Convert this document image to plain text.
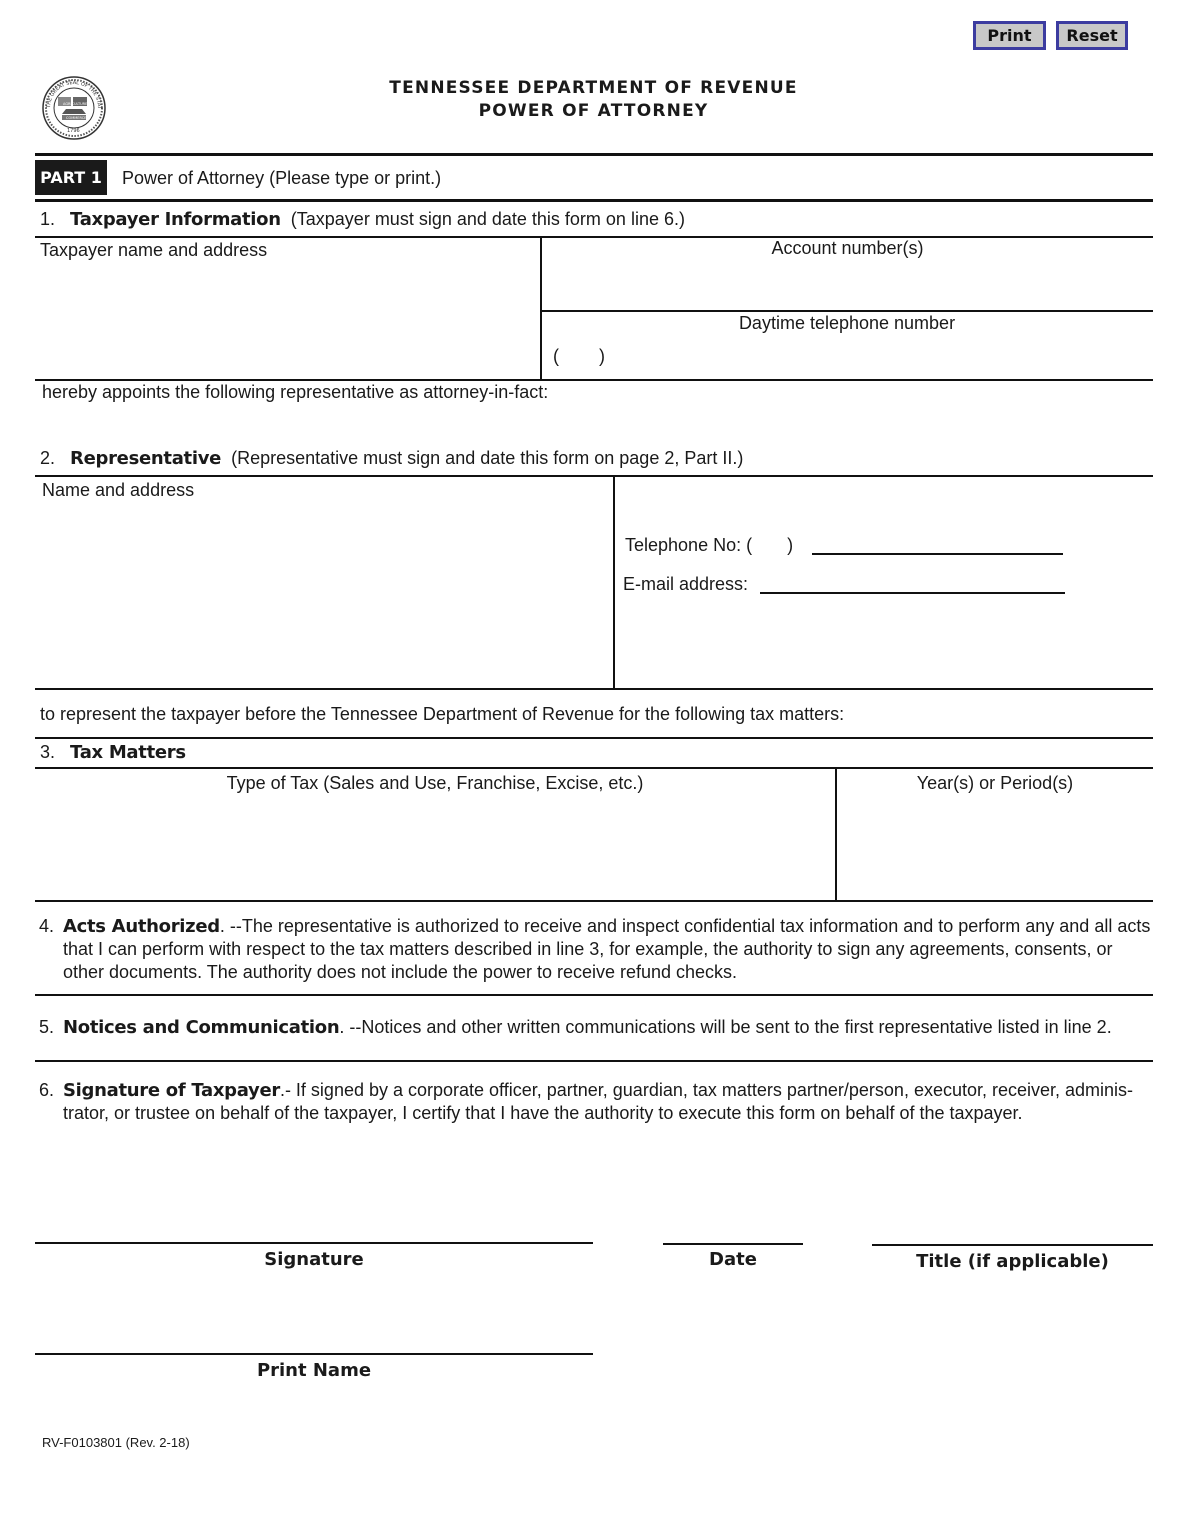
Print	Reset
THE GREAT SEAL OF THE STAT
AGRICULTURE
COMMERCE
1796
TENNESSEE DEPARTMENT OF REVENUE
POWER OF ATTORNEY
PART 1 Power of Attorney (Please type or print.)
1. Taxpayer Information (Taxpayer must sign and date this form on line 6.)
Taxpayer name and address	Account number(s)
Daytime telephone number
(        )
hereby appoints the following representative as attorney-in-fact:
2. Representative (Representative must sign and date this form on page 2, Part II.)
Name and address
Telephone No: (       )
E-mail address:
to represent the taxpayer before the Tennessee Department of Revenue for the following tax matters:
3. Tax Matters
Type of Tax (Sales and Use, Franchise, Excise, etc.)	Year(s) or Period(s)
4. Acts Authorized. --The representative is authorized to receive and inspect confidential tax information and to perform any and all acts that I can perform with respect to the tax matters described in line 3, for example, the authority to sign any agreements, consents, or other documents. The authority does not include the power to receive refund checks.
5. Notices and Communication. --Notices and other written communications will be sent to the first representative listed in line 2.
6. Signature of Taxpayer.- If signed by a corporate officer, partner, guardian, tax matters partner/person, executor, receiver, adminis-trator, or trustee on behalf of the taxpayer, I certify that I have the authority to execute this form on behalf of the taxpayer.
Signature	Date	Title (if applicable)
Print Name
RV-F0103801 (Rev. 2-18)
